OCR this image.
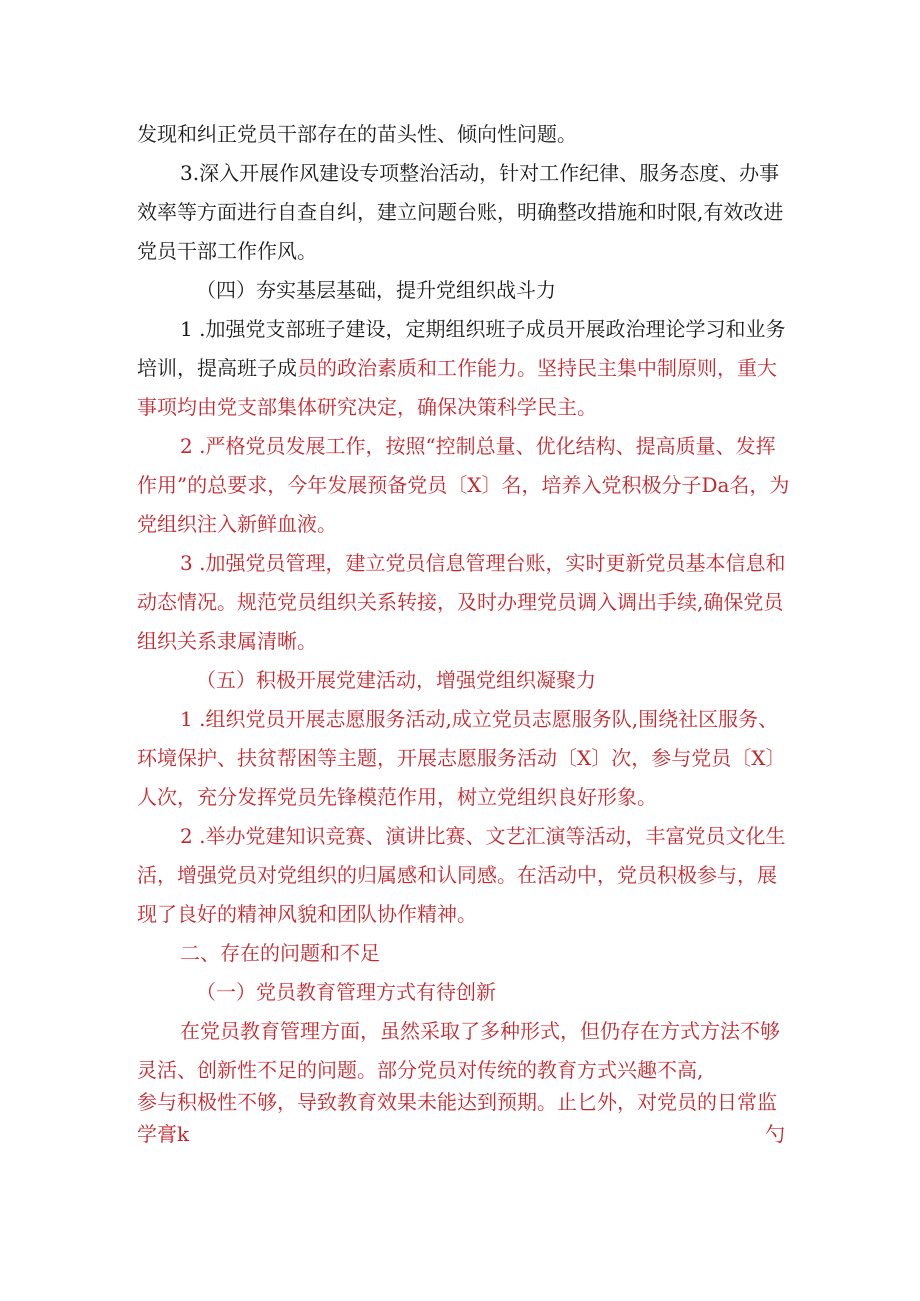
发现和纠正党员干部存在的苗头性、倾向性问题。
3.深入开展作风建设专项整治活动，针对工作纪律、服务态度、办事
效率等方面进行自查自纠，建立问题台账，明确整改措施和时限,有效改进
党员干部工作作风。
（四）夯实基层基础，提升党组织战斗力
1 .加强党支部班子建设，定期组织班子成员开展政治理论学习和业务
培训，提高班子成员的政治素质和工作能力。坚持民主集中制原则，重大
事项均由党支部集体研究决定，确保决策科学民主。
2 .严格党员发展工作，按照“控制总量、优化结构、提高质量、发挥
作用”的总要求，今年发展预备党员〔X〕名，培养入党积极分子Da名，为
党组织注入新鲜血液。
3 .加强党员管理，建立党员信息管理台账，实时更新党员基本信息和
动态情况。规范党员组织关系转接，及时办理党员调入调出手续,确保党员
组织关系隶属清晰。
（五）积极开展党建活动，增强党组织凝聚力
1 .组织党员开展志愿服务活动,成立党员志愿服务队,围绕社区服务、
环境保护、扶贫帮困等主题，开展志愿服务活动〔X〕次，参与党员〔X〕
人次，充分发挥党员先锋模范作用，树立党组织良好形象。
2 .举办党建知识竞赛、演讲比赛、文艺汇演等活动，丰富党员文化生
活，增强党员对党组织的归属感和认同感。在活动中，党员积极参与，展
现了良好的精神风貌和团队协作精神。
二、存在的问题和不足
（一）党员教育管理方式有待创新
在党员教育管理方面，虽然采取了多种形式，但仍存在方式方法不够
灵活、创新性不足的问题。部分党员对传统的教育方式兴趣不高,
参与积极性不够，导致教育效果未能达到预期。止匕外，对党员的日常监
学膏k	勺
